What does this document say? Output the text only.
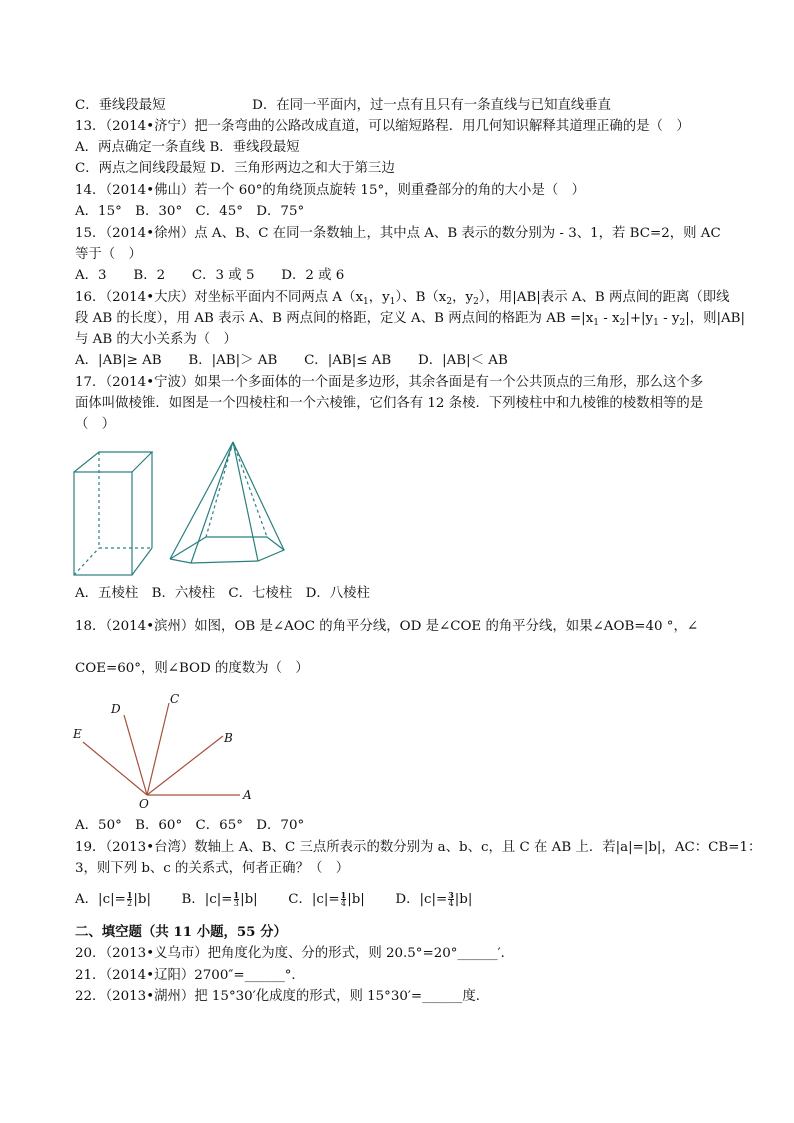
C．垂线段最短	D．在同一平面内，过一点有且只有一条直线与已知直线垂直
13．（2014•济宁）把一条弯曲的公路改成直道，可以缩短路程．用几何知识解释其道理正确的是（　）
A．两点确定一条直线 B．垂线段最短
C．两点之间线段最短 D．三角形两边之和大于第三边
14．（2014•佛山）若一个 60°的角绕顶点旋转 15°，则重叠部分的角的大小是（　）
A．15°　B．30°　C．45°　D．75°
15．（2014•徐州）点 A、B、C 在同一条数轴上，其中点 A、B 表示的数分别为 - 3、1，若 BC=2，则 AC
等于（　）
A．3　　B．2　　C．3 或 5　　D．2 或 6
16．（2014•大庆）对坐标平面内不同两点 $A(x_1$，$y_1$）、$B(x_2$，$y_2$），用|AB|表示 A、B 两点间的距离（即线
段 AB 的长度），用 AB 表示 A、B 两点间的格距，定义 A、B 两点间的格距为 AB $=|x_1 - x_2|+|y_1 - y_2|$，则|AB|
与 AB 的大小关系为（　）
A．|AB|≥ AB　　B．|AB|＞ AB　　C．|AB|≤ AB　　D．|AB|＜ AB
17．（2014•宁波）如果一个多面体的一个面是多边形，其余各面是有一个公共顶点的三角形，那么这个多
面体叫做棱锥．如图是一个四棱柱和一个六棱锥，它们各有 12 条棱．下列棱柱中和九棱锥的棱数相等的是
（　）
A．五棱柱　B．六棱柱　C．七棱柱　D．八棱柱
18．（2014•滨州）如图，OB 是∠AOC 的角平分线，OD 是∠COE 的角平分线，如果∠AOB=40 °，∠
COE=60°，则∠BOD 的度数为（　）
A
B
C
D
E
O
A．50°　B．60°　C．65°　D．70°
19．（2013•台湾）数轴上 A、B、C 三点所表示的数分别为 a、b、c，且 C 在 AB 上．若|a|=|b|，AC：CB=1：
3，则下列 b、c 的关系式，何者正确？（　）
A．$|c|= \frac{1}{2} |b|$ B．$|c|= \frac{1}{3} |b|$ C．$|c|= \frac{1}{4} |b|$ D．$|c|= \frac{3}{4} |b|$
二、填空题（共 11 小题，55 分）
20．（2013•义乌市）把角度化为度、分的形式，则 20.5°=20°______′．
21．（2014•辽阳）2700″=______°．
22．（2013•湖州）把 15°30′化成度的形式，则 15°30′=______度．
